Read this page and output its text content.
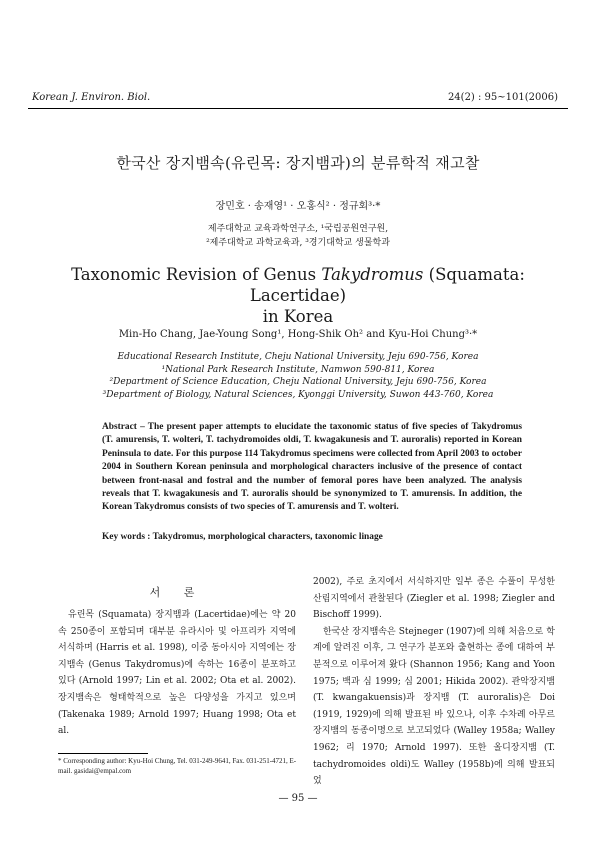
Korean J. Environ. Biol.	24(2) : 95~101(2006)
한국산 장지뱀속(유린목: 장지뱀과)의 분류학적 재고찰
장민호 · 송재영¹ · 오홍식² · 정규회³·*
제주대학교 교육과학연구소, ¹국립공원연구원,
²제주대학교 과학교육과, ³경기대학교 생물학과
Taxonomic Revision of Genus Takydromus (Squamata: Lacertidae)
in Korea
Min-Ho Chang, Jae-Young Song¹, Hong-Shik Oh² and Kyu-Hoi Chung³·*
Educational Research Institute, Cheju National University, Jeju 690-756, Korea
¹National Park Research Institute, Namwon 590-811, Korea
²Department of Science Education, Cheju National University, Jeju 690-756, Korea
³Department of Biology, Natural Sciences, Kyonggi University, Suwon 443-760, Korea
Abstract – The present paper attempts to elucidate the taxonomic status of five species of Takydromus (T. amurensis, T. wolteri, T. tachydromoides oldi, T. kwagakunesis and T. auroralis) reported in Korean Peninsula to date. For this purpose 114 Takydromus specimens were collected from April 2003 to october 2004 in Southern Korean peninsula and morphological characters inclusive of the presence of contact between front-nasal and fostral and the number of femoral pores have been analyzed. The analysis reveals that T. kwagakunesis and T. auroralis should be synonymized to T. amurensis. In addition, the Korean Takydromus consists of two species of T. amurensis and T. wolteri.
Key words : Takydromus, morphological characters, taxonomic linage
서 론

유린목 (Squamata) 장지뱀과 (Lacertidae)에는 약 20속 250종이 포함되며 대부분 유라시아 및 아프리카 지역에 서식하며 (Harris et al. 1998), 이중 동아시아 지역에는 장지뱀속 (Genus Takydromus)에 속하는 16종이 분포하고 있다 (Arnold 1997; Lin et al. 2002; Ota et al. 2002). 장지뱀속은 형태학적으로 높은 다양성을 가지고 있으며 (Takenaka 1989; Arnold 1997; Huang 1998; Ota et al.

2002), 주로 초지에서 서식하지만 일부 종은 수풀이 무성한 산림지역에서 관찰된다 (Ziegler et al. 1998; Ziegler and Bischoff 1999).

한국산 장지뱀속은 Stejneger (1907)에 의해 처음으로 학계에 알려진 이후, 그 연구가 분포와 출현하는 종에 대하여 부분적으로 이루어져 왔다 (Shannon 1956; Kang and Yoon 1975; 백과 심 1999; 심 2001; Hikida 2002). 관악장지뱀 (T. kwangakuensis)과 장지뱀 (T. auroralis)은 Doi (1919, 1929)에 의해 발표된 바 있으나, 이후 수차례 아무르장지뱀의 동종이명으로 보고되었다 (Walley 1958a; Walley 1962; 리 1970; Arnold 1997). 또한 올디장지뱀 (T. tachydromoides oldi)도 Walley (1958b)에 의해 발표되었

* Corresponding author: Kyu-Hoi Chung, Tel. 031-249-9641, Fax. 031-251-4721, E-mail. gasidai@empal.com
— 95 —
